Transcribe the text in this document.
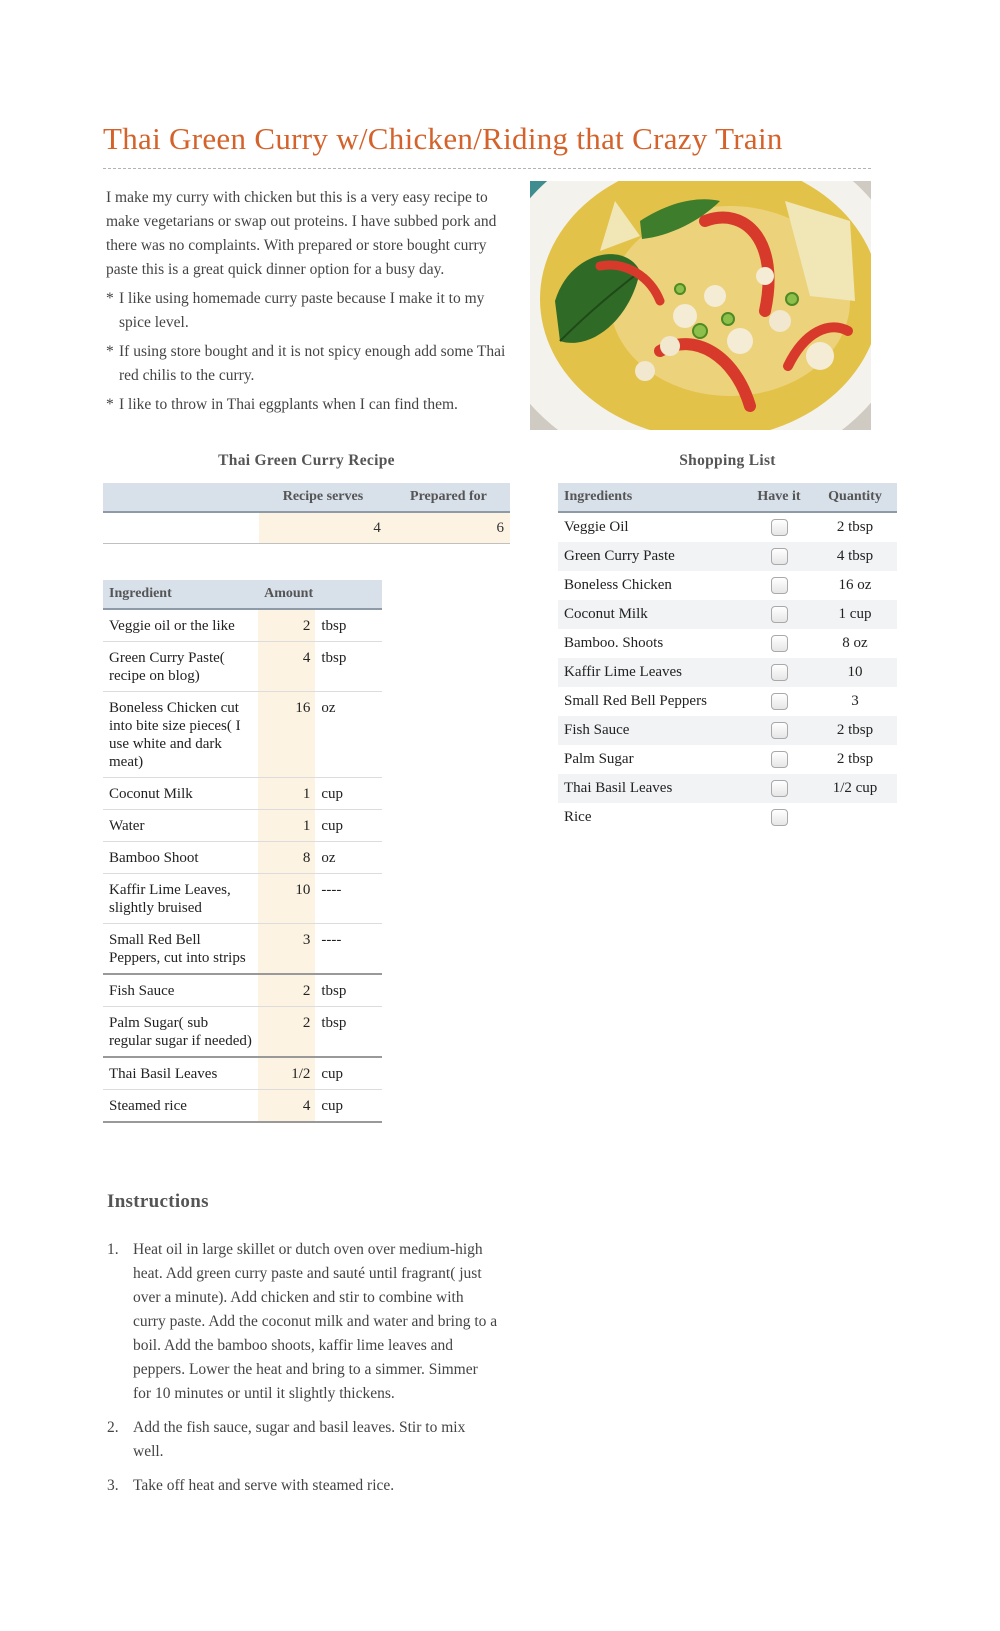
Thai Green Curry w/Chicken/Riding that Crazy Train

I make my curry with chicken but this is a very easy recipe to make vegetarians or swap out proteins. I have subbed pork and there was no complaints. With prepared or store bought curry paste this is a great quick dinner option for a busy day.

* I like using homemade curry paste because I make it to my spice level.
* If using store bought and it is not spicy enough add some Thai red chilis to the curry.
* I like to throw in Thai eggplants when I can find them.
Thai Green Curry Recipe
	Recipe serves	Prepared for
	4	6
Ingredient	Amount	
Veggie oil or the like	2	tbsp
Green Curry Paste( recipe on blog)	4	tbsp
Boneless Chicken cut into bite size pieces( I use white and dark meat)	16	oz
Coconut Milk	1	cup
Water	1	cup
Bamboo Shoot	8	oz
Kaffir Lime Leaves, slightly bruised	10	----
Small Red Bell Peppers, cut into strips	3	----
Fish Sauce	2	tbsp
Palm Sugar( sub regular sugar if needed)	2	tbsp
Thai Basil Leaves	1/2	cup
Steamed rice	4	cup
Shopping List
Ingredients	Have it	Quantity
Veggie Oil		2 tbsp
Green Curry Paste		4 tbsp
Boneless Chicken		16 oz
Coconut Milk		1 cup
Bamboo. Shoots		8 oz
Kaffir Lime Leaves		10
Small Red Bell Peppers		3
Fish Sauce		2 tbsp
Palm Sugar		2 tbsp
Thai Basil Leaves		1/2 cup
Rice		
Instructions
1. Heat oil in large skillet or dutch oven over medium-high heat. Add green curry paste and sauté until fragrant( just over a minute). Add chicken and stir to combine with curry paste. Add the coconut milk and water and bring to a boil. Add the bamboo shoots, kaffir lime leaves and peppers. Lower the heat and bring to a simmer. Simmer for 10 minutes or until it slightly thickens.
2. Add the fish sauce, sugar and basil leaves. Stir to mix well.
3. Take off heat and serve with steamed rice.
